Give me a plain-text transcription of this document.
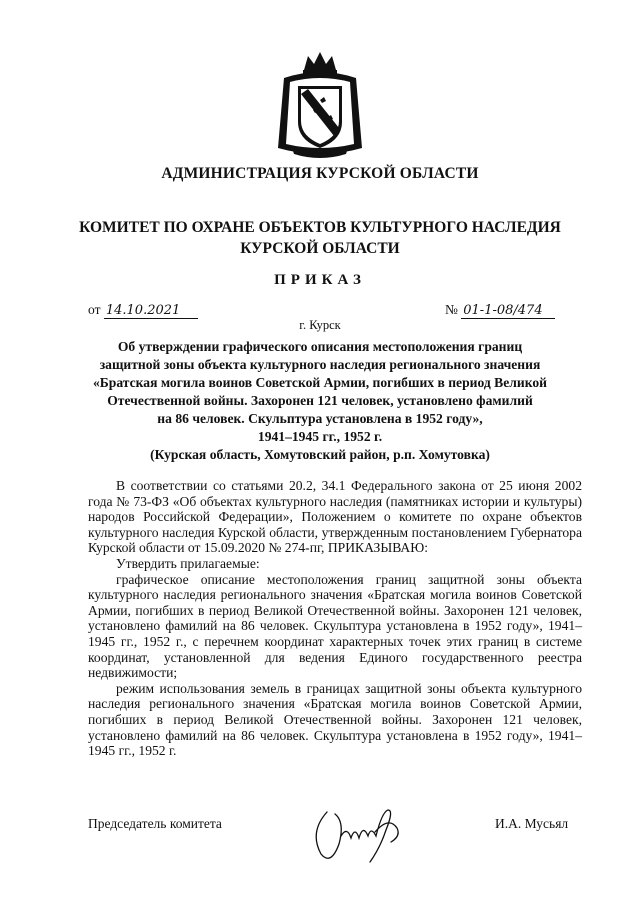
АДМИНИСТРАЦИЯ КУРСКОЙ ОБЛАСТИ
КОМИТЕТ ПО ОХРАНЕ ОБЪЕКТОВ КУЛЬТУРНОГО НАСЛЕДИЯ
КУРСКОЙ ОБЛАСТИ
ПРИКАЗ
от 14.10.2021	№ 01-1-08/474
г. Курск
Об утверждении графического описания местоположения границ
защитной зоны объекта культурного наследия регионального значения
«Братская могила воинов Советской Армии, погибших в период Великой
Отечественной войны. Захоронен 121 человек, установлено фамилий
на 86 человек. Скульптура установлена в 1952 году»,
1941–1945 гг., 1952 г.
(Курская область, Хомутовский район, р.п. Хомутовка)

В соответствии со статьями 20.2, 34.1 Федерального закона от 25 июня 2002 года № 73-ФЗ «Об объектах культурного наследия (памятниках истории и культуры) народов Российской Федерации», Положением о комитете по охране объектов культурного наследия Курской области, утвержденным постановлением Губернатора Курской области от 15.09.2020 № 274-пг, ПРИКАЗЫВАЮ:

Утвердить прилагаемые:

графическое описание местоположения границ защитной зоны объекта культурного наследия регионального значения «Братская могила воинов Советской Армии, погибших в период Великой Отечественной войны. Захоронен 121 человек, установлено фамилий на 86 человек. Скульптура установлена в 1952 году», 1941–1945 гг., 1952 г., с перечнем координат характерных точек этих границ в системе координат, установленной для ведения Единого государственного реестра недвижимости;

режим использования земель в границах защитной зоны объекта культурного наследия регионального значения «Братская могила воинов Советской Армии, погибших в период Великой Отечественной войны. Захоронен 121 человек, установлено фамилий на 86 человек. Скульптура установлена в 1952 году», 1941–1945 гг., 1952 г.

Председатель комитета	И.А. Мусьял
